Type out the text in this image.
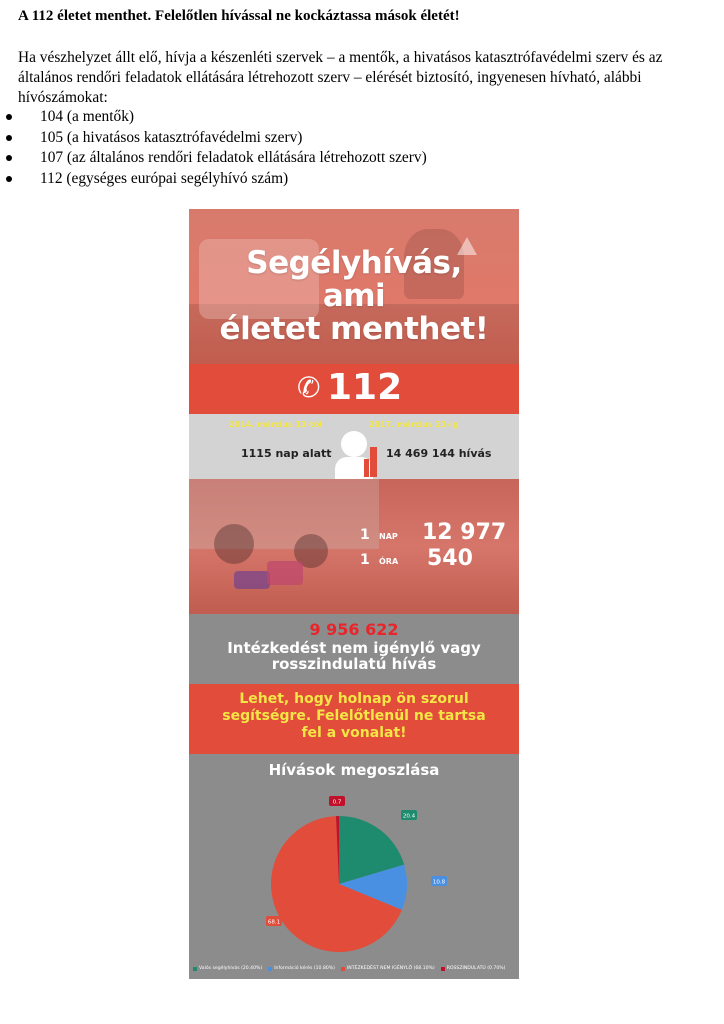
A 112 életet menthet. Felelőtlen hívással ne kockáztassa mások életét!

Ha vészhelyzet állt elő, hívja a készenléti szervek – a mentők, a hivatásos katasztrófavédelmi szerv és az általános rendőri feladatok ellátására létrehozott szerv – elérését biztosító, ingyenesen hívható, alábbi hívószámokat:

104 (a mentők)
105 (a hivatásos katasztrófavédelmi szerv)
107 (az általános rendőri feladatok ellátására létrehozott szerv)
112 (egységes európai segélyhívó szám)
Segélyhívás,
ami
életet menthet!
✆ 112
2014. március 13-tól	2017. március 21-ig
1115 nap alatt	14 469 144 hívás
1 NAP 12 977
1 ÓRA 540
9 956 622
Intézkedést nem igénylő vagy
rosszindulatú hívás
Lehet, hogy holnap ön szorul
segítségre. Felelőtlenül ne tartsa
fel a vonalat!
Hívások megoszlása
20.4
10.8
68.1
0.7
Valós segélyhívás (20.40%)	Információ kérés (10.80%)	INTÉZKEDÉST NEM IGÉNYLŐ (68.10%)	ROSSZINDULATÚ (0.70%)
